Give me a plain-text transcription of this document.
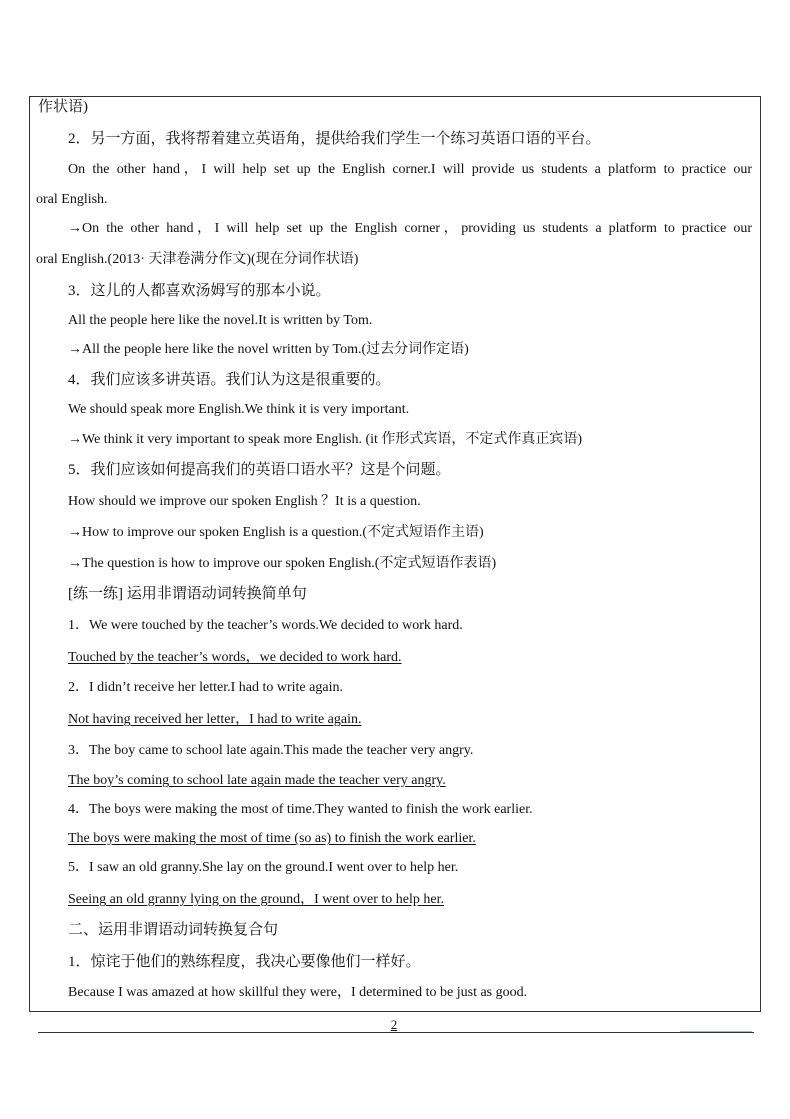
作状语)
2．另一方面，我将帮着建立英语角，提供给我们学生一个练习英语口语的平台。
On the other hand，I will help set up the English corner.I will provide us students a platform to practice our
oral English.
→On the other hand，I will help set up the English corner，providing us students a platform to practice our
oral English.(2013· 天津卷满分作文)(现在分词作状语)
3．这儿的人都喜欢汤姆写的那本小说。
All the people here like the novel.It is written by Tom.
→All the people here like the novel written by Tom.(过去分词作定语)
4．我们应该多讲英语。我们认为这是很重要的。
We should speak more English.We think it is very important.
→We think it very important to speak more English. (it 作形式宾语，不定式作真正宾语)
5．我们应该如何提高我们的英语口语水平？这是个问题。
How should we improve our spoken English ？It is a question.
→How to improve our spoken English is a question.(不定式短语作主语)
→The question is how to improve our spoken English.(不定式短语作表语)
[练一练] 运用非谓语动词转换简单句
1．We were touched by the teacher’s words.We decided to work hard.
Touched by the teacher’s words，we decided to work hard.
2．I didn’t receive her letter.I had to write again.
Not having received her letter，I had to write again.
3．The boy came to school late again.This made the teacher very angry.
The boy’s coming to school late again made the teacher very angry.
4．The boys were making the most of time.They wanted to finish the work earlier.
The boys were making the most of time (so as) to finish the work earlier.
5．I saw an old granny.She lay on the ground.I went over to help her.
Seeing an old granny lying on the ground，I went over to help her.
二、运用非谓语动词转换复合句
1．惊诧于他们的熟练程度，我决心要像他们一样好。
Because I was amazed at how skillful they were，I determined to be just as good.
2
